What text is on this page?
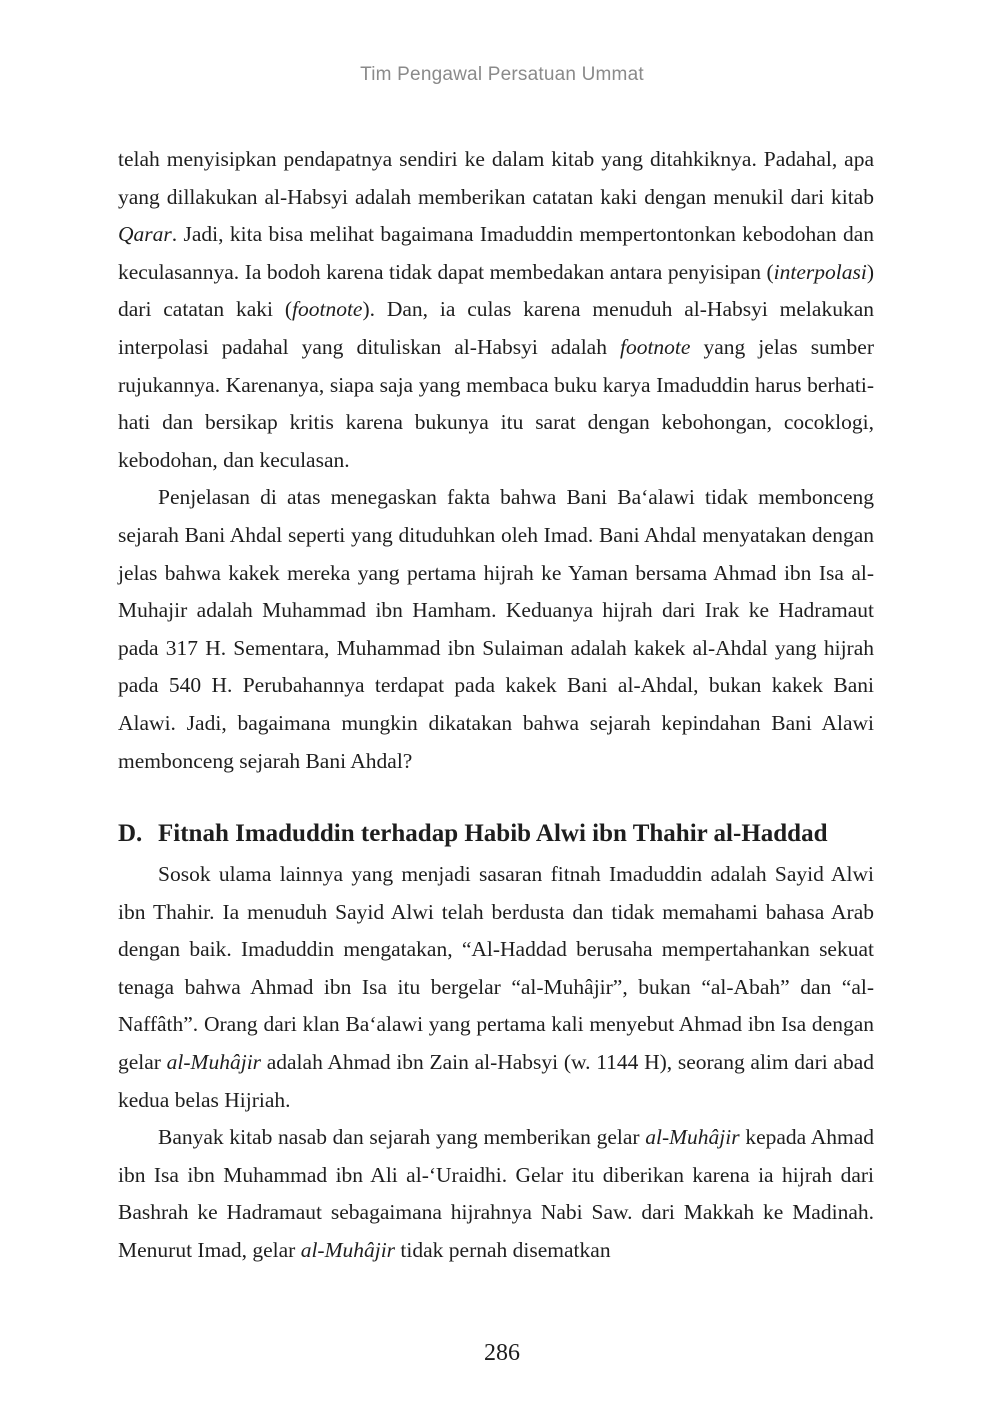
Tim Pengawal Persatuan Ummat

telah menyisipkan pendapatnya sendiri ke dalam kitab yang ditahkiknya. Padahal, apa yang dillakukan al-Habsyi adalah memberikan catatan kaki dengan menukil dari kitab Qarar. Jadi, kita bisa melihat bagaimana Imaduddin mempertontonkan kebodohan dan keculasannya. Ia bodoh karena tidak dapat membedakan antara penyisipan (interpolasi) dari catatan kaki (footnote). Dan, ia culas karena menuduh al-Habsyi melakukan interpolasi padahal yang dituliskan al-Habsyi adalah footnote yang jelas sumber rujukannya. Karenanya, siapa saja yang membaca buku karya Imaduddin harus berhati-hati dan bersikap kritis karena bukunya itu sarat dengan kebohongan, cocoklogi, kebodohan, dan keculasan.

Penjelasan di atas menegaskan fakta bahwa Bani Ba‘alawi tidak membonceng sejarah Bani Ahdal seperti yang dituduhkan oleh Imad. Bani Ahdal menyatakan dengan jelas bahwa kakek mereka yang pertama hijrah ke Yaman bersama Ahmad ibn Isa al-Muhajir adalah Muhammad ibn Hamham. Keduanya hijrah dari Irak ke Hadramaut pada 317 H. Sementara, Muhammad ibn Sulaiman adalah kakek al-Ahdal yang hijrah pada 540 H. Perubahannya terdapat pada kakek Bani al-Ahdal, bukan kakek Bani Alawi. Jadi, bagaimana mungkin dikatakan bahwa sejarah kepindahan Bani Alawi membonceng sejarah Bani Ahdal?

D. Fitnah Imaduddin terhadap Habib Alwi ibn Thahir al-Haddad

Sosok ulama lainnya yang menjadi sasaran fitnah Imaduddin adalah Sayid Alwi ibn Thahir. Ia menuduh Sayid Alwi telah berdusta dan tidak memahami bahasa Arab dengan baik. Imaduddin mengatakan, “Al-Haddad berusaha mempertahankan sekuat tenaga bahwa Ahmad ibn Isa itu bergelar “al-Muhâjir”, bukan “al-Abah” dan “al-Naffâth”. Orang dari klan Ba‘alawi yang pertama kali menyebut Ahmad ibn Isa dengan gelar al-Muhâjir adalah Ahmad ibn Zain al-Habsyi (w. 1144 H), seorang alim dari abad kedua belas Hijriah.

Banyak kitab nasab dan sejarah yang memberikan gelar al-Muhâjir kepada Ahmad ibn Isa ibn Muhammad ibn Ali al-‘Uraidhi. Gelar itu diberikan karena ia hijrah dari Bashrah ke Hadramaut sebagaimana hijrahnya Nabi Saw. dari Makkah ke Madinah. Menurut Imad, gelar al-Muhâjir tidak pernah disematkan

286
